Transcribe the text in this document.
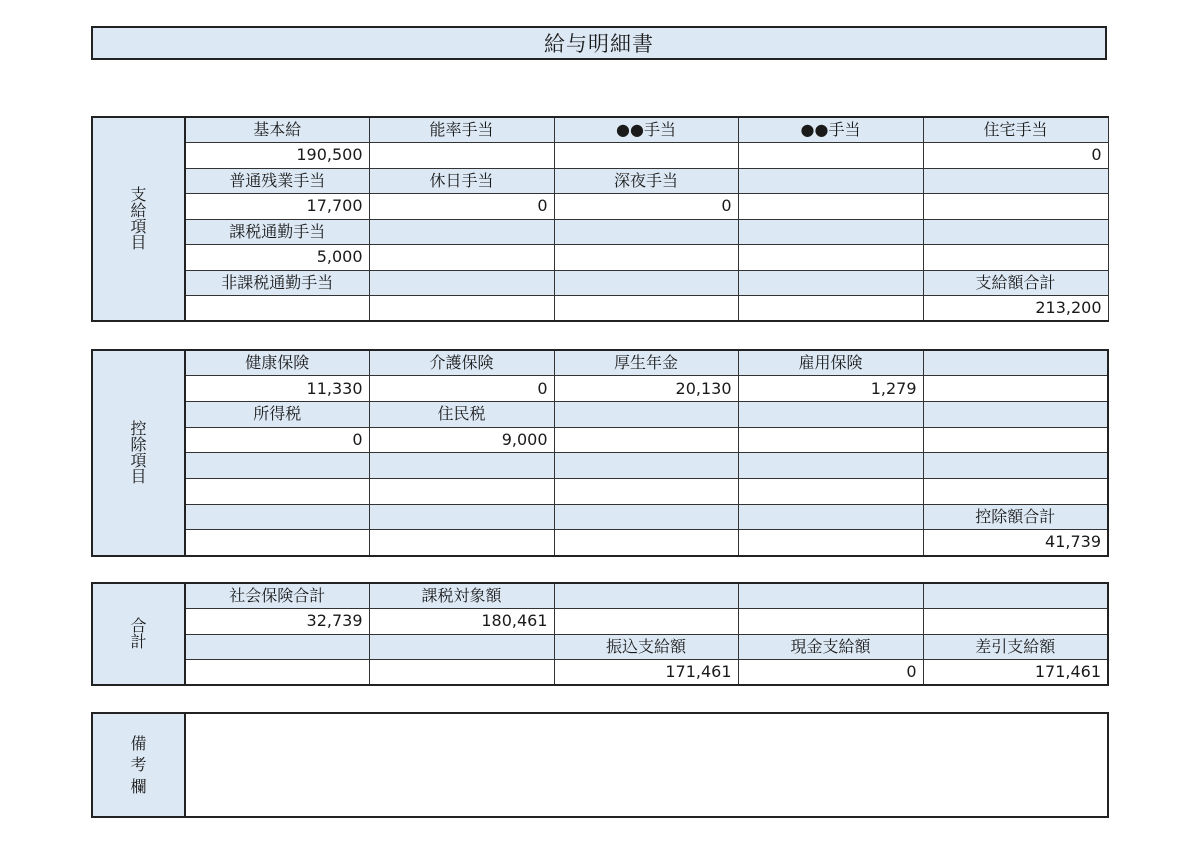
給与明細書
支
給
項
目	基本給	能率手当	●●手当	●●手当	住宅手当
	190,500				0
	普通残業手当	休日手当	深夜手当		
	17,700	0	0		
	課税通勤手当				
	5,000				
	非課税通勤手当				支給額合計
					213,200
控
除
項
目	健康保険	介護保険	厚生年金	雇用保険	
	11,330	0	20,130	1,279	
	所得税	住民税			
	0	9,000			

					控除額合計
					41,739
合
計	社会保険合計	課税対象額			
	32,739	180,461			
			振込支給額	現金支給額	差引支給額
			171,461	0	171,461
備
考
欄
